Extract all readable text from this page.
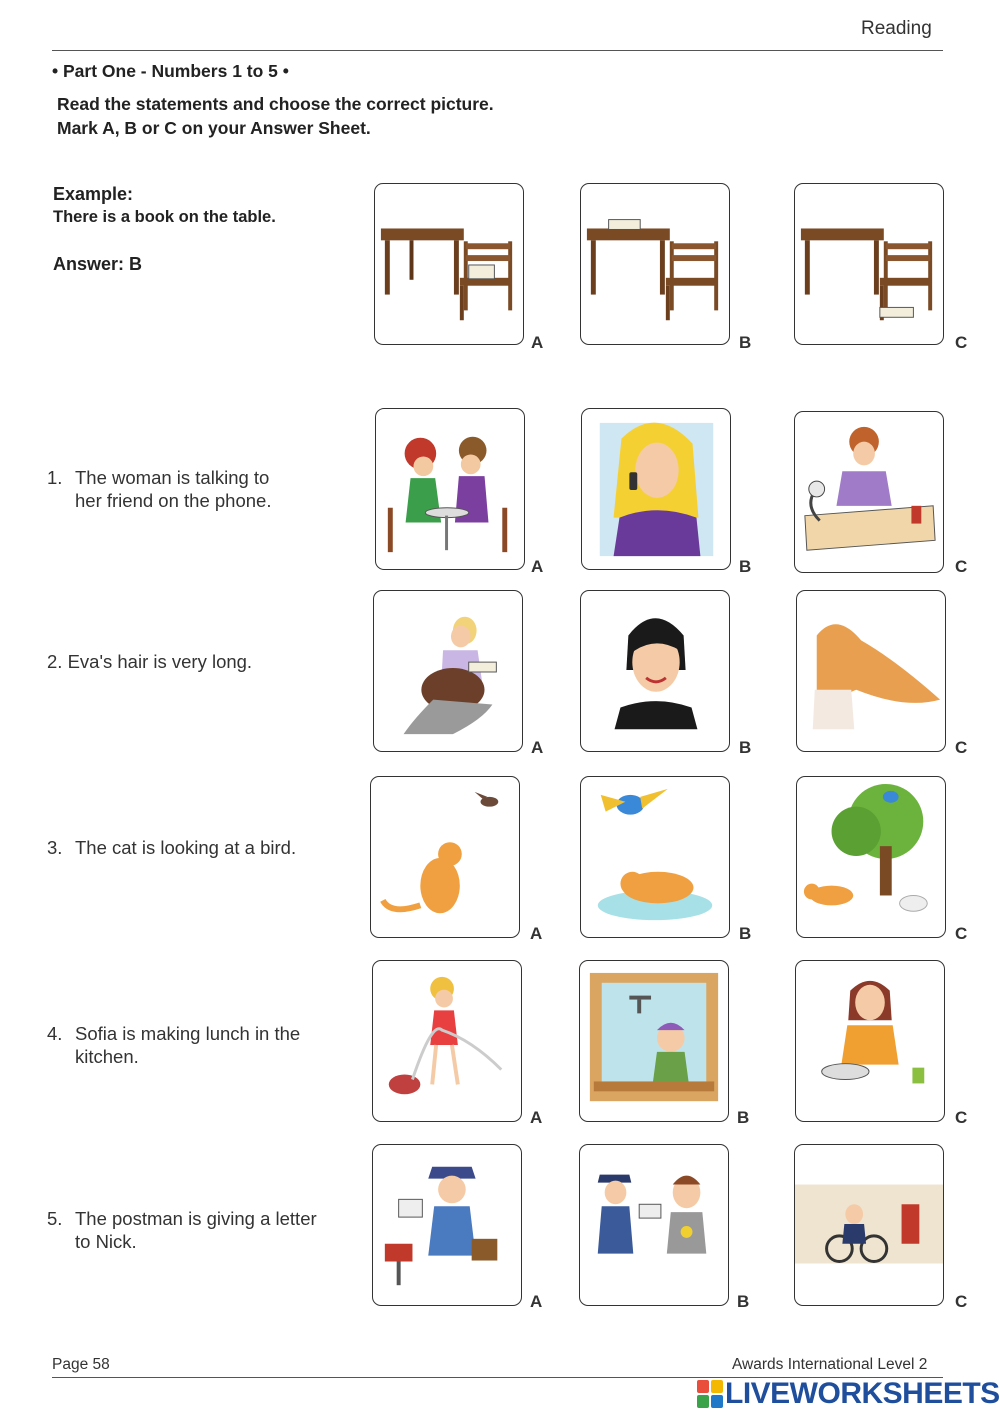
Reading
• Part One - Numbers 1 to 5 •
Read the statements and choose the correct picture.
Mark A, B or C on your Answer Sheet.
Example:
There is a book on the table.
Answer: B
A	B	C
1. The woman is talking to
her friend on the phone.
A	B	C
2. Eva's hair is very long.
A	B	C
3. The cat is looking at a bird.
A	B	C
4. Sofia is making lunch in the
kitchen.
A	B	C
5. The postman is giving a letter
to Nick.
A	B	C
Page 58	Awards International Level 2
LIVEWORKSHEETS
